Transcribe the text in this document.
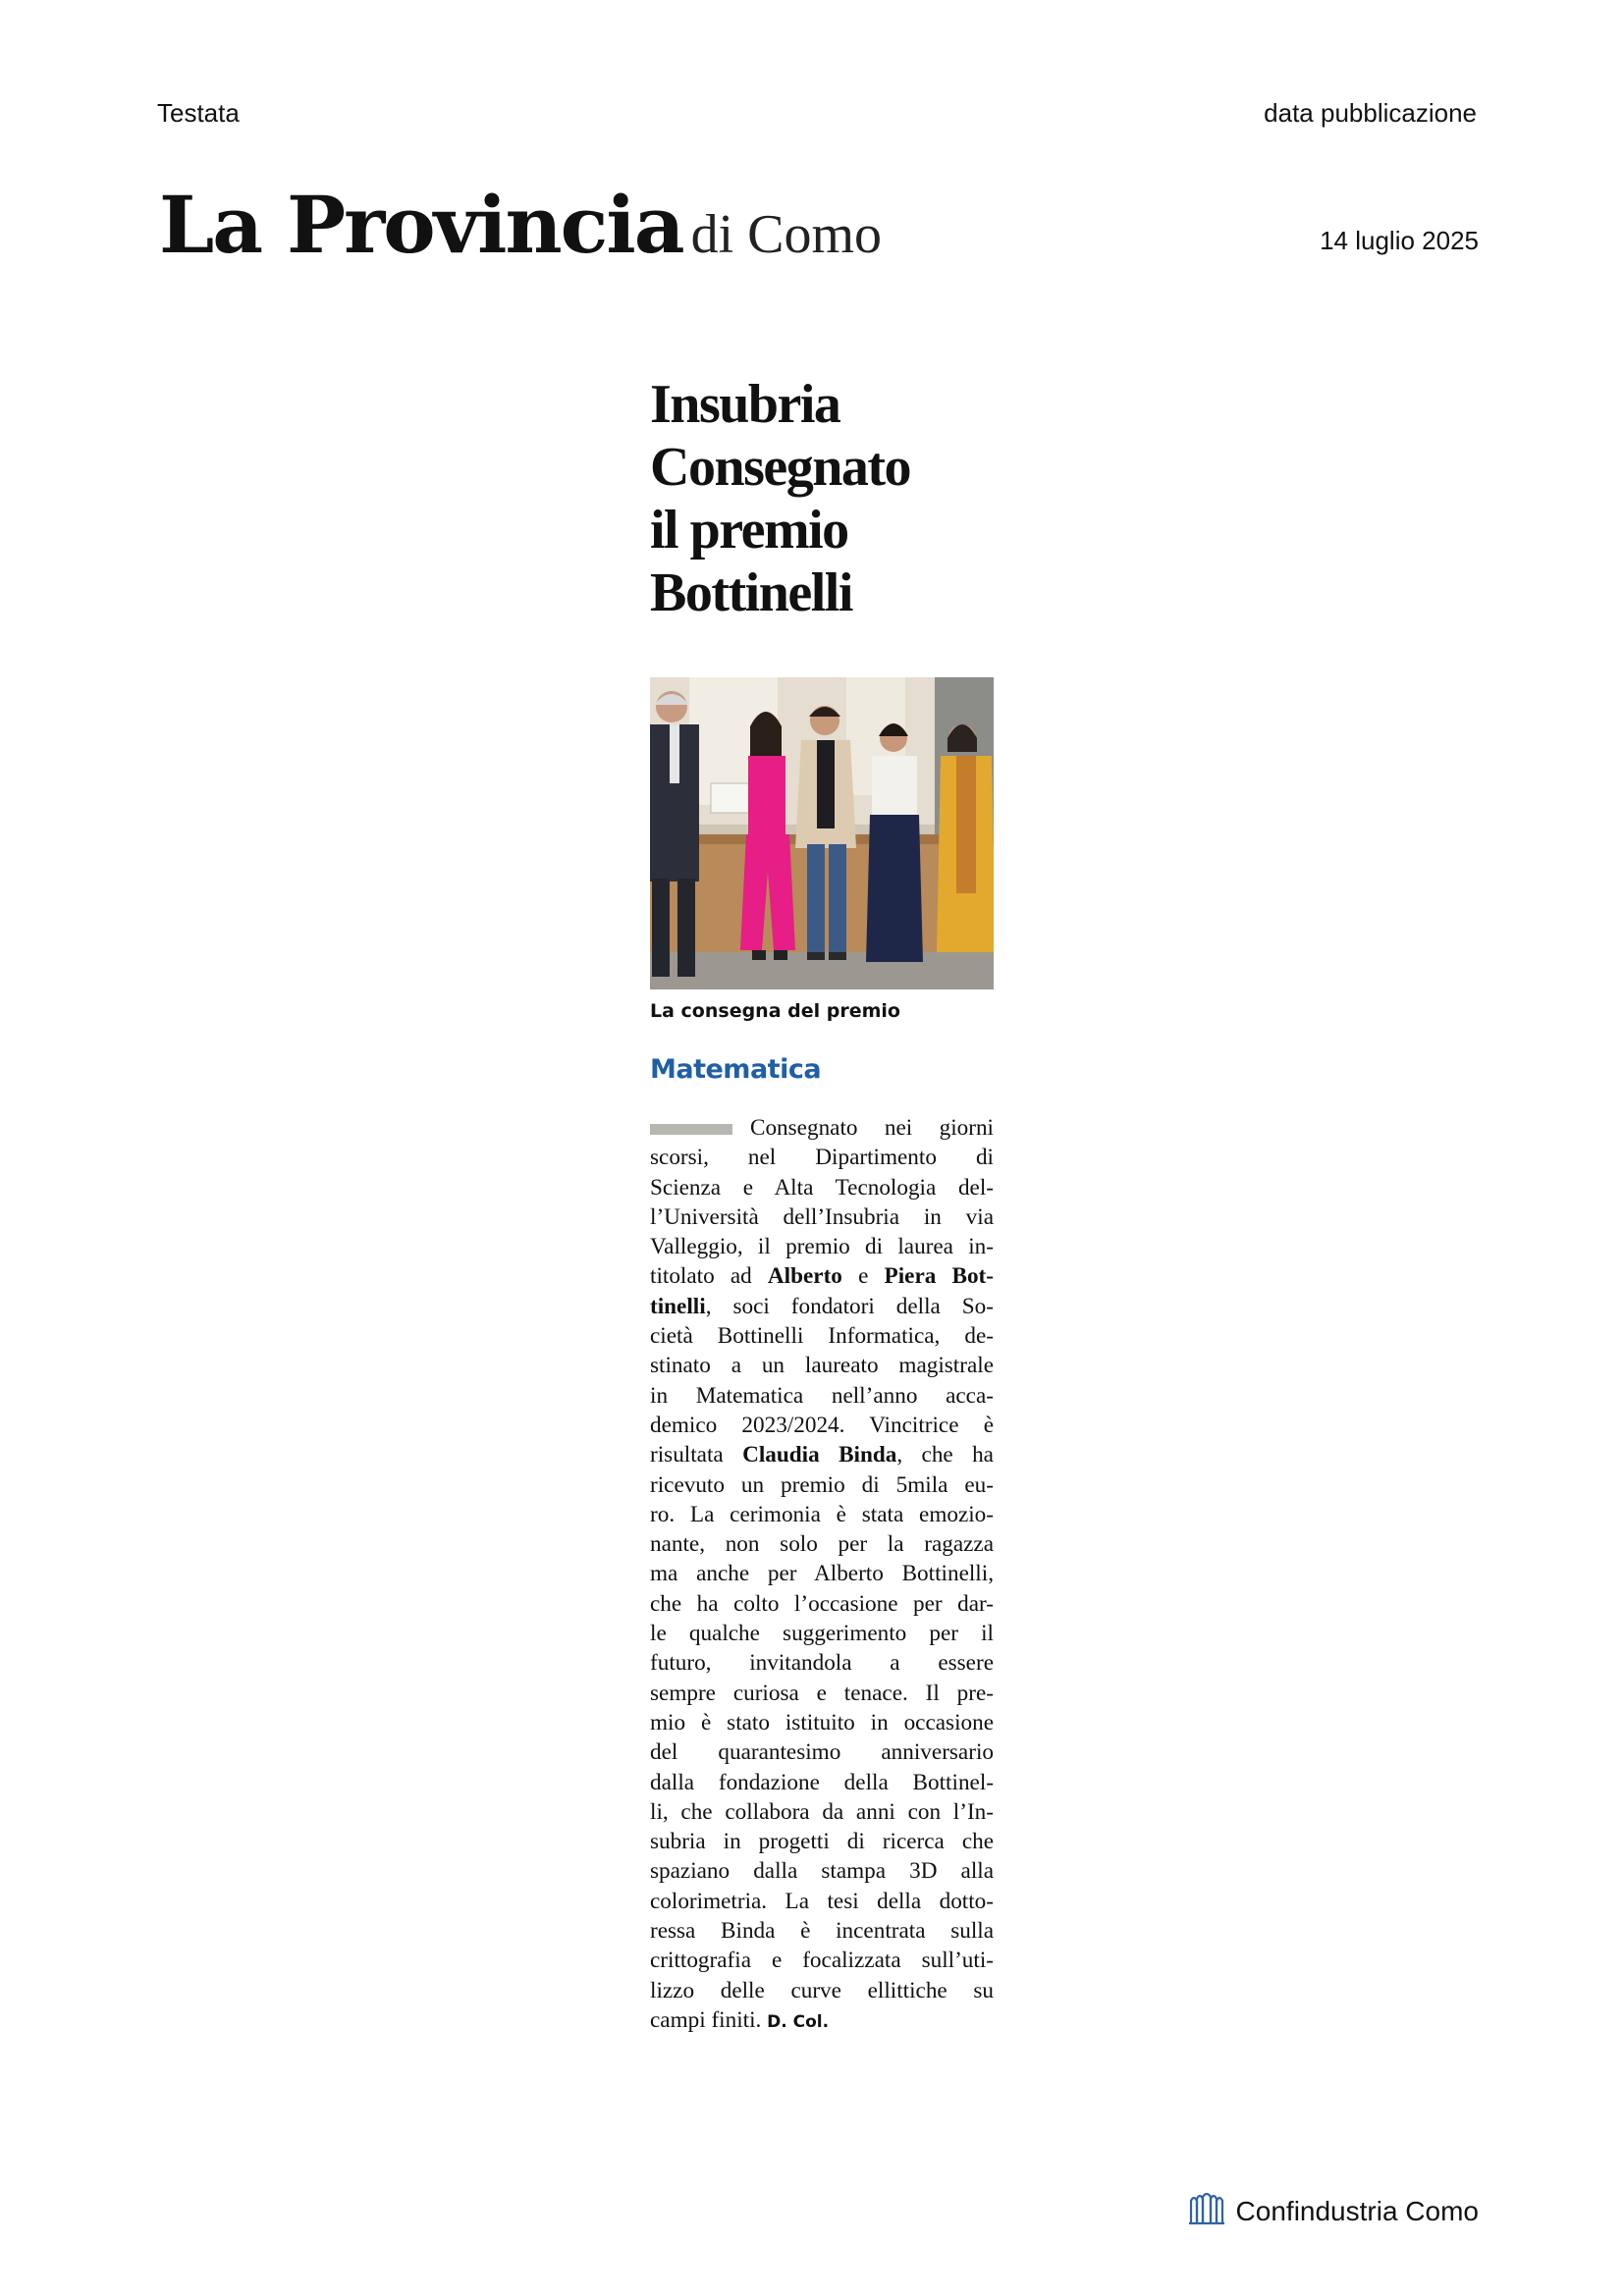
Testata	data pubblicazione
La Provincia di Como	14 luglio 2025
Insubria
Consegnato
il premio
Bottinelli
La consegna del premio
Matematica
Consegnato nei giorni
scorsi, nel Dipartimento di
Scienza e Alta Tecnologia del-
l’Università dell’Insubria in via
Valleggio, il premio di laurea in-
titolato ad Alberto e Piera Bot-
tinelli, soci fondatori della So-
cietà Bottinelli Informatica, de-
stinato a un laureato magistrale
in Matematica nell’anno acca-
demico 2023/2024. Vincitrice è
risultata Claudia Binda, che ha
ricevuto un premio di 5mila eu-
ro. La cerimonia è stata emozio-
nante, non solo per la ragazza
ma anche per Alberto Bottinelli,
che ha colto l’occasione per dar-
le qualche suggerimento per il
futuro, invitandola a essere
sempre curiosa e tenace. Il pre-
mio è stato istituito in occasione
del quarantesimo anniversario
dalla fondazione della Bottinel-
li, che collabora da anni con l’In-
subria in progetti di ricerca che
spaziano dalla stampa 3D alla
colorimetria. La tesi della dotto-
ressa Binda è incentrata sulla
crittografia e focalizzata sull’uti-
lizzo delle curve ellittiche su
campi finiti. D. Col.
Confindustria Como
